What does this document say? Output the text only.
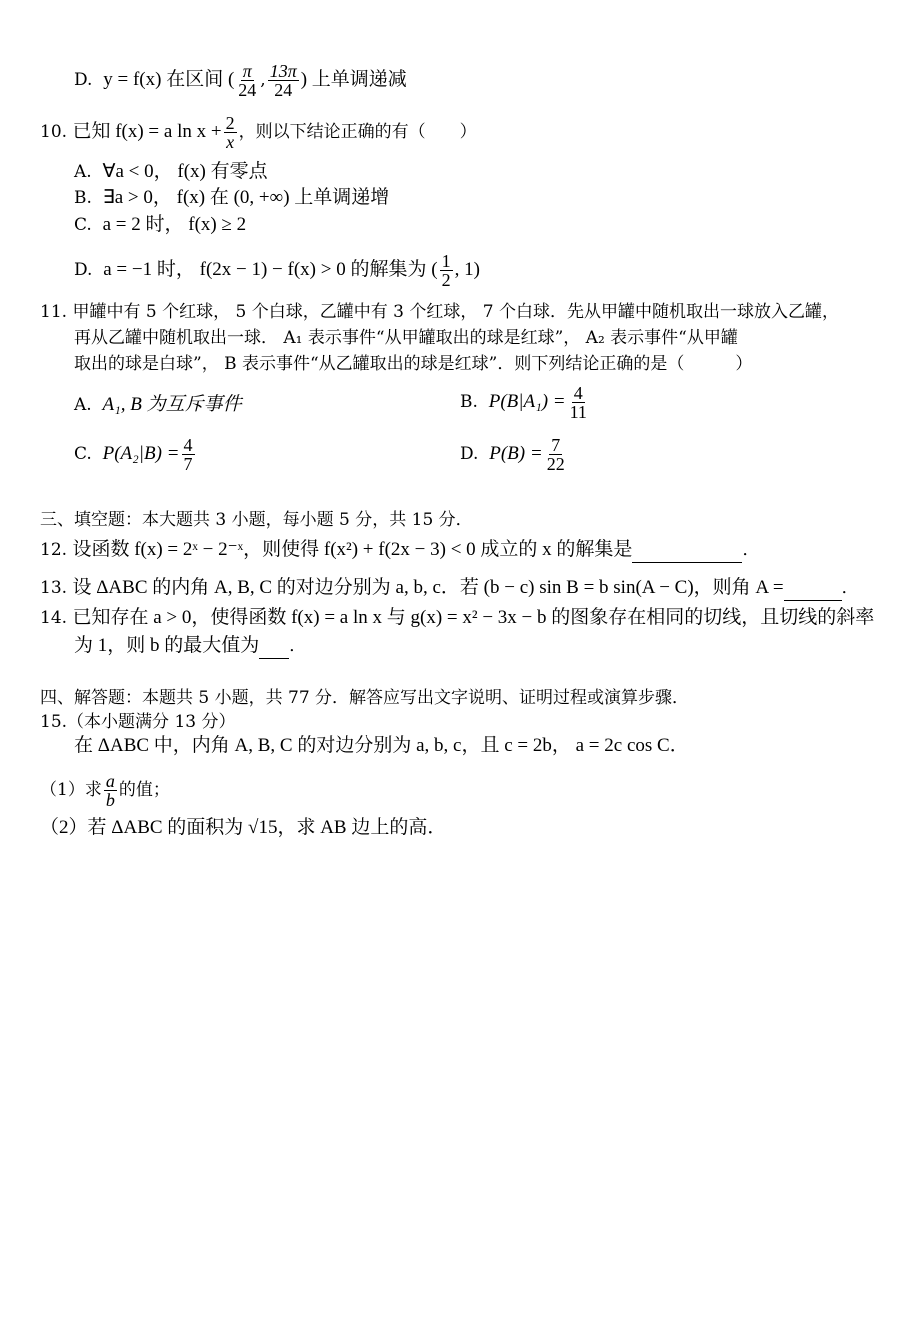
D. y = f(x) 在区间 ( $\frac{\pi}{24}$ , $\frac{13\pi}{24}$ ) 上单调递减
10. 已知 f(x) = a $\ln x + \frac{2}{x}$ ，则以下结论正确的有（　　）
A. ∀a < 0， f(x) 有零点
B. ∃a > 0， f(x) 在 (0, +∞) 上单调递增
C. a = 2 时， f(x) ≥ 2
D. a = −1 时， f(2x − 1) − f(x) > 0 的解集为 ( $\frac{1}{2}$ , 1)
11. 甲罐中有 5 个红球， 5 个白球，乙罐中有 3 个红球， 7 个白球．先从甲罐中随机取出一球放入乙罐，
再从乙罐中随机取出一球． A₁ 表示事件“从甲罐取出的球是红球”， A₂ 表示事件“从甲罐
取出的球是白球”， B 表示事件“从乙罐取出的球是红球”．则下列结论正确的是（　　　）
A. A₁, B 为互斥事件	B. $P(B|A_1) = \frac{4}{11}$
C. $P(A_2|B) = \frac{4}{7}$	D. $P(B) = \frac{7}{22}$
三、填空题：本大题共 3 小题，每小题 5 分，共 15 分．
12. 设函数 f(x) = 2ˣ − 2⁻ˣ，则使得 f(x²) + f(2x − 3) < 0 成立的 x 的解集是	．
13. 设 ΔABC 的内角 A, B, C 的对边分别为 a, b, c．若 (b − c) sin B = b sin(A − C)，则角 A =	．
14. 已知存在 a > 0，使得函数 f(x) = a ln x 与 g(x) = x² − 3x − b 的图象存在相同的切线，且切线的斜率
为 1，则 b 的最大值为 ．
四、解答题：本题共 5 小题，共 77 分．解答应写出文字说明、证明过程或演算步骤．
15.（本小题满分 13 分）
在 ΔABC 中，内角 A, B, C 的对边分别为 a, b, c，且 c = 2b， a = 2c cos C．
（1）求 $\frac{a}{b}$ 的值；
（2）若 ΔABC 的面积为 √15，求 AB 边上的高．
